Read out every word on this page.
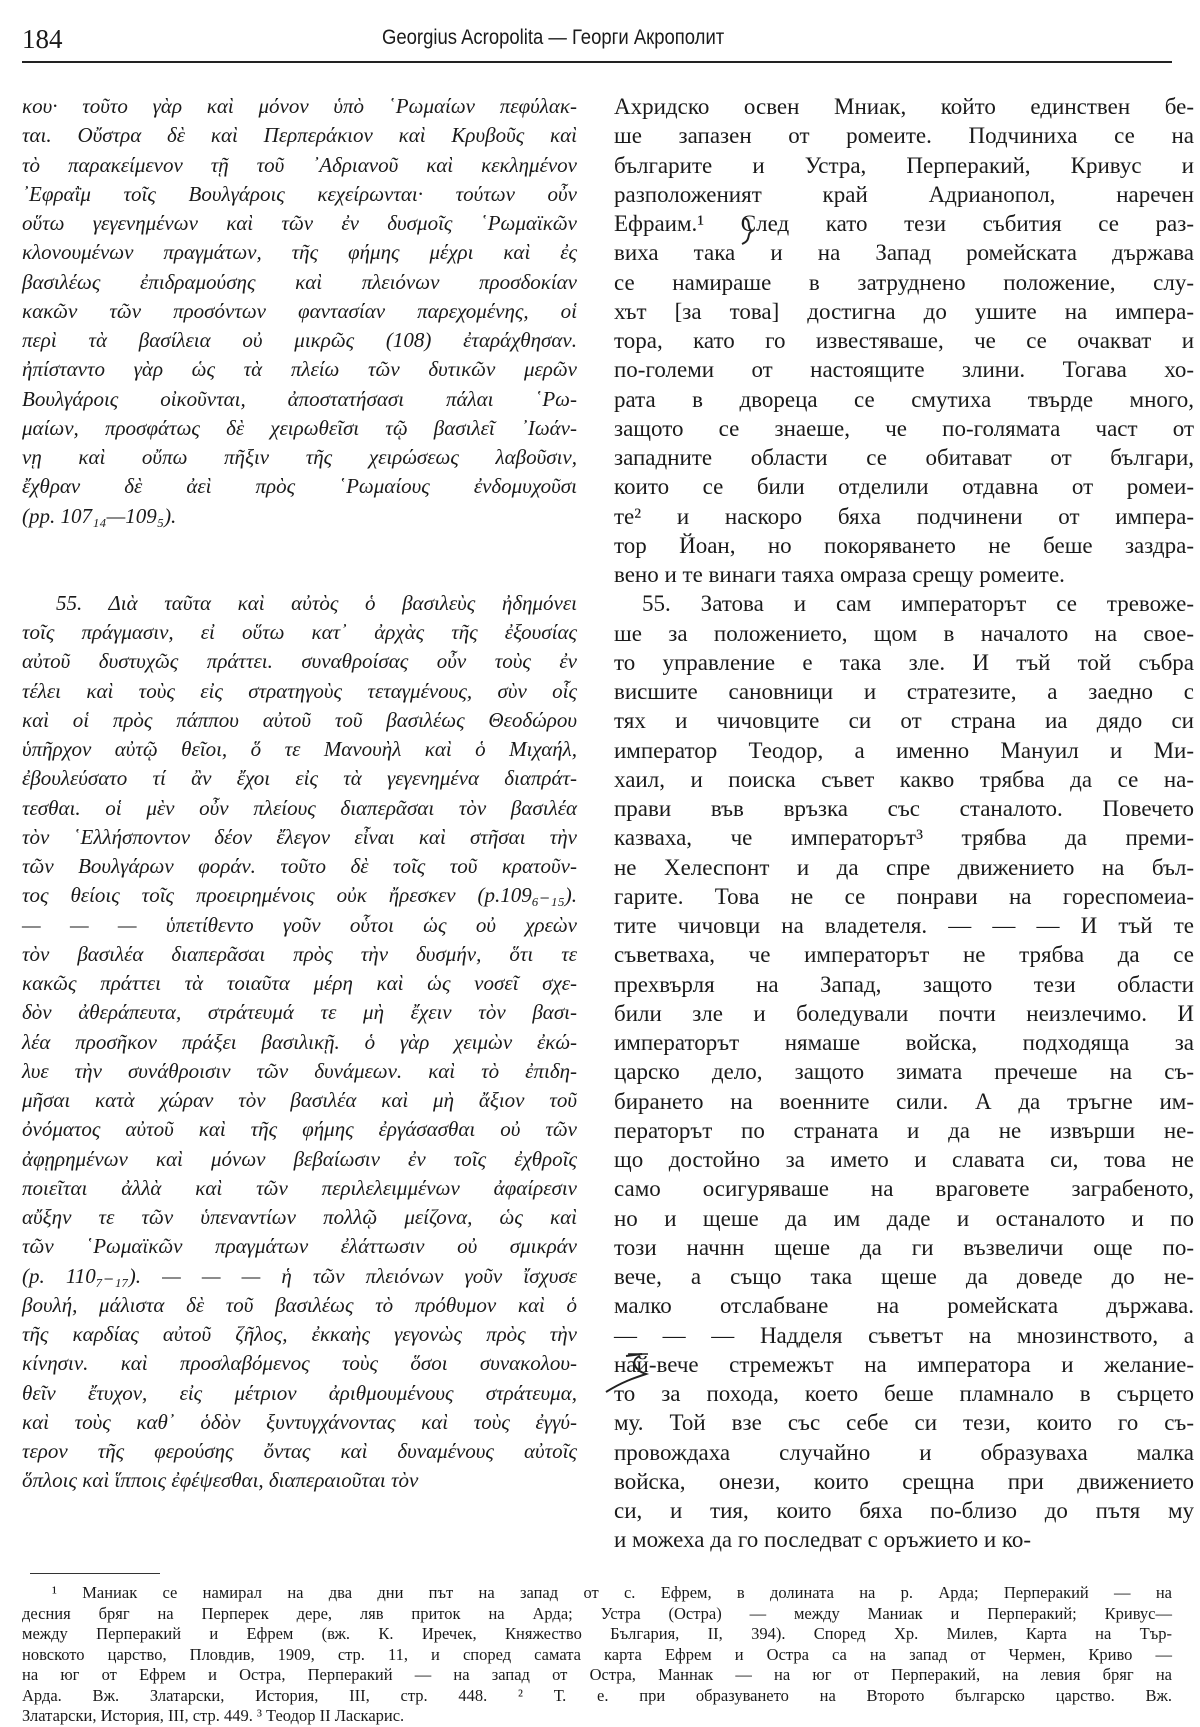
184	Georgius Acropolita — Георги Акрополит
κου· τοῦτο γὰρ καὶ μόνον ὑπὸ ῾Ρωμαίων πεφύλακ-
ται. Οὔστρα δὲ καὶ Περπεράκιον καὶ Κρυβοῦς καὶ
τὸ παρακείμενον τῇ τοῦ ᾿Αδριανοῦ καὶ κεκλημένον
᾿Εφραῒμ τοῖς Βουλγάροις κεχείρωνται· τούτων οὖν
οὕτω γεγενημένων καὶ τῶν ἐν δυσμοῖς ῾Ρωμαϊκῶν
κλονουμένων πραγμάτων, τῆς φήμης μέχρι καὶ ἐς
βασιλέως ἐπιδραμούσης καὶ πλειόνων προσδοκίαν
κακῶν τῶν προσόντων φαντασίαν παρεχομένης, οἱ
περὶ τὰ βασίλεια οὐ μικρῶς (108) ἐταράχθησαν.
ἠπίσταντο γὰρ ὡς τὰ πλείω τῶν δυτικῶν μερῶν
Βουλγάροις οἰκοῦνται, ἀποστατήσασι πάλαι ῾Ρω-
μαίων, προσφάτως δὲ χειρωθεῖσι τῷ βασιλεῖ ᾿Ιωάν-
νῃ καὶ οὔπω πῆξιν τῆς χειρώσεως λαβοῦσιν,
ἔχθραν δὲ ἀεὶ πρὸς ῾Ρωμαίους ἐνδομυχοῦσι
(pp. 107₁₄—109₅).
55. Διὰ ταῦτα καὶ αὐτὸς ὁ βασιλεὺς ἠδημόνει
τοῖς πράγμασιν, εἰ οὕτω κατ᾿ ἀρχὰς τῆς ἐξουσίας
αὐτοῦ δυστυχῶς πράττει. συναθροίσας οὖν τοὺς ἐν
τέλει καὶ τοὺς εἰς στρατηγοὺς τεταγμένους, σὺν οἷς
καὶ οἱ πρὸς πάππου αὐτοῦ τοῦ βασιλέως Θεοδώρου
ὑπῆρχον αὐτῷ θεῖοι, ὅ τε Μανουὴλ καὶ ὁ Μιχαήλ,
ἐβουλεύσατο τί ἂν ἔχοι εἰς τὰ γεγενημένα διαπράτ-
τεσθαι. οἱ μὲν οὖν πλείους διαπερᾶσαι τὸν βασιλέα
τὸν ῾Ελλήσποντον δέον ἔλεγον εἶναι καὶ στῆσαι τὴν
τῶν Βουλγάρων φοράν. τοῦτο δὲ τοῖς τοῦ κρατοῦν-
τος θείοις τοῖς προειρημένοις οὐκ ἤρεσκεν (p.109₆₋₁₅).
— — — ὑπετίθεντο γοῦν οὗτοι ὡς οὐ χρεὼν
τὸν βασιλέα διαπερᾶσαι πρὸς τὴν δυσμήν, ὅτι τε
κακῶς πράττει τὰ τοιαῦτα μέρη καὶ ὡς νοσεῖ σχε-
δὸν ἀθεράπευτα, στράτευμά τε μὴ ἔχειν τὸν βασι-
λέα προσῆκον πράξει βασιλικῇ. ὁ γὰρ χειμὼν ἐκώ-
λυε τὴν συνάθροισιν τῶν δυνάμεων. καὶ τὸ ἐπιδη-
μῆσαι κατὰ χώραν τὸν βασιλέα καὶ μὴ ἄξιον τοῦ
ὀνόματος αὐτοῦ καὶ τῆς φήμης ἐργάσασθαι οὐ τῶν
ἀφῃρημένων καὶ μόνων βεβαίωσιν ἐν τοῖς ἐχθροῖς
ποιεῖται ἀλλὰ καὶ τῶν περιλελειμμένων ἀφαίρεσιν
αὔξην τε τῶν ὑπεναντίων πολλῷ μείζονα, ὡς καὶ
τῶν ῾Ρωμαϊκῶν πραγμάτων ἐλάττωσιν οὐ σμικράν
(p. 110₇₋₁₇). — — — ἡ τῶν πλειόνων γοῦν ἴσχυσε
βουλή, μάλιστα δὲ τοῦ βασιλέως τὸ πρόθυμον καὶ ὁ
τῆς καρδίας αὐτοῦ ζῆλος, ἐκκαὴς γεγονὼς πρὸς τὴν
κίνησιν. καὶ προσλαβόμενος τοὺς ὅσοι συνακολου-
θεῖν ἔτυχον, εἰς μέτριον ἀριθμουμένους στράτευμα,
καὶ τοὺς καθ᾿ ὁδὸν ξυντυγχάνοντας καὶ τοὺς ἐγγύ-
τερον τῆς φερούσης ὄντας καὶ δυναμένους αὐτοῖς
ὅπλοις καὶ ἵπποις ἐφέψεσθαι, διαπεραιοῦται τὸν
Ахридско освен Мниак, който единствен бе-
ше запазен от ромеите. Подчиниха се на
българите и Устра, Перперакий, Кривус и
разположеният край Адрианопол, наречен
Ефраим.¹ След като тези събития се раз-
виха така и на Запад ромейската държава
се намираше в затруднено положение, слу-
хът [за това] достигна до ушите на импера-
тора, като го известяваше, че се очакват и
по-големи от настоящите злини. Тогава хо-
рата в двореца се смутиха твърде много,
защото се знаеше, че по-голямата част от
западните области се обитават от българи,
които се били отделили отдавна от ромеи-
те² и наскоро бяха подчинени от импера-
тор Йоан, но покоряването не беше заздра-
вено и те винаги таяха омраза срещу ромеите.
55. Затова и сам императорът се тревоже-
ше за положението, щом в началото на свое-
то управление е така зле. И тъй той събра
висшите сановници и стратезите, а заедно с
тях и чичовците си от страна иа дядо си
император Теодор, а именно Мануил и Ми-
хаил, и поиска съвет какво трябва да се на-
прави във връзка със станалото. Повечето
казваха, че императорът³ трябва да преми-
не Хелеспонт и да спре движението на бъл-
гарите. Това не се понрави на гореспомеиа-
тите чичовци на владетеля. — — — И тъй те
съветваха, че императорът не трябва да се
прехвърля на Запад, защото тези области
били зле и боледували почти неизлечимо. И
императорът нямаше войска, подходяща за
царско дело, защото зимата пречеше на съ-
бирането на военните сили. А да тръгне им-
ператорът по страната и да не извърши не-
що достойно за името и славата си, това не
само осигуряваше на враговете заграбеното,
но и щеше да им даде и останалото и по
този начнн щеше да ги възвеличи още по-
вече, а също така щеше да доведе до не-
малко отслабване на ромейската държава.
— — — Надделя съветът на мнозинството, а
най-вече стремежът на императора и желание-
то за похода, което беше пламнало в сърцето
му. Той взе със себе си тези, които го съ-
провождаха случайно и образуваха малка
войска, онези, които срещна при движението
си, и тия, които бяха по-близо до пътя му
и можеха да го последват с оръжието и ко-
¹ Маниак се намирал на два дни път на запад от с. Ефрем, в долината на р. Арда; Перперакий — на
десния бряг на Перперек дере, ляв приток на Арда; Устра (Остра) — между Маниак и Перперакий; Кривус—
между Перперакий и Ефрем (вж. К. Иречек, Княжество България, II, 394). Според Хр. Милев, Карта на Тър-
новското царство, Пловдив, 1909, стр. 11, и според самата карта Ефрем и Остра са на запад от Чермен, Криво —
на юг от Ефрем и Остра, Перперакий — на запад от Остра, Маннак — на юг от Перперакий, на левия бряг на
Арда. Вж. Златарски, История, III, стр. 448. ² Т. е. при образуването на Второто българско царство. Вж.
Златарски, История, III, стр. 449. ³ Теодор II Ласкарис.
